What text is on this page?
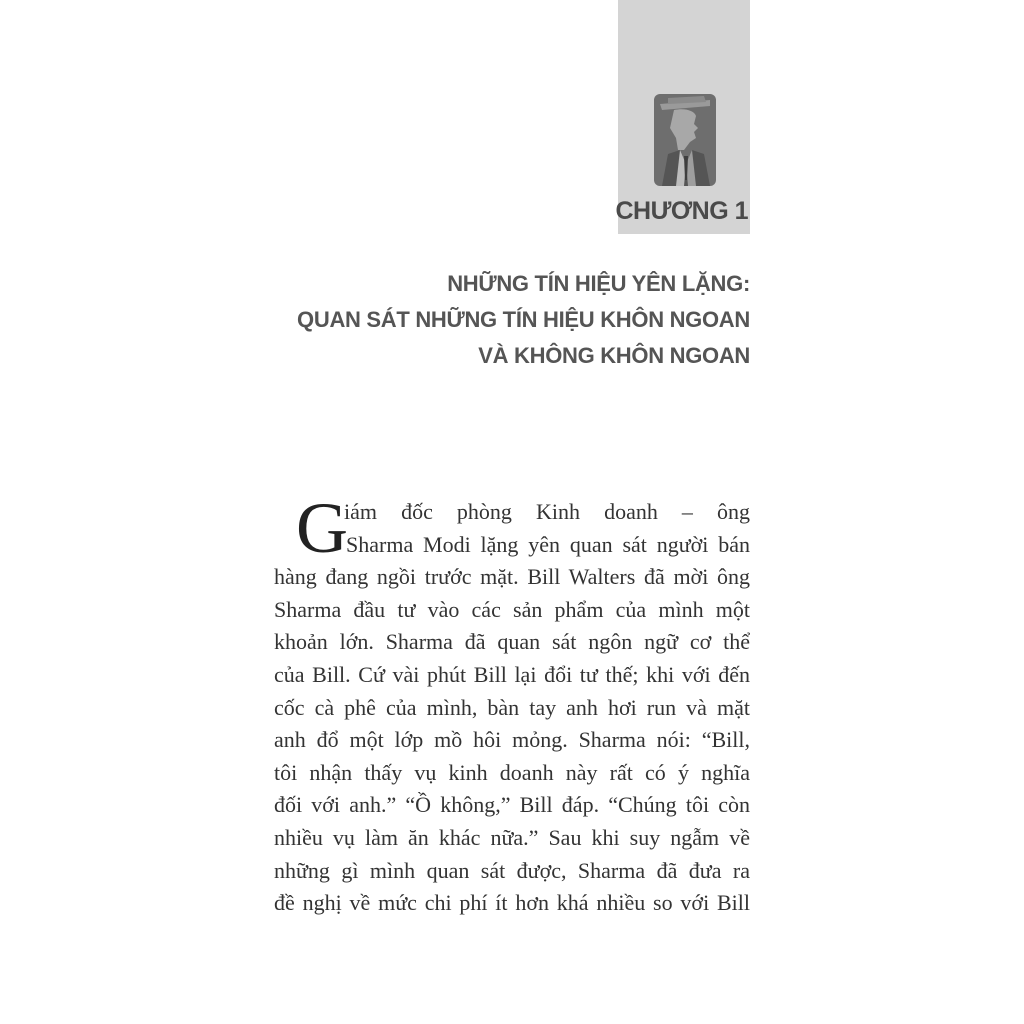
CHƯƠNG 1
NHỮNG TÍN HIỆU YÊN LẶNG:
QUAN SÁT NHỮNG TÍN HIỆU KHÔN NGOAN
VÀ KHÔNG KHÔN NGOAN
G
iám đốc phòng Kinh doanh – ông
Sharma Modi lặng yên quan sát người bán
hàng đang ngồi trước mặt. Bill Walters đã mời ông
Sharma đầu tư vào các sản phẩm của mình một
khoản lớn. Sharma đã quan sát ngôn ngữ cơ thể
của Bill. Cứ vài phút Bill lại đổi tư thế; khi với đến
cốc cà phê của mình, bàn tay anh hơi run và mặt
anh đổ một lớp mồ hôi mỏng. Sharma nói: “Bill,
tôi nhận thấy vụ kinh doanh này rất có ý nghĩa
đối với anh.” “Ồ không,” Bill đáp. “Chúng tôi còn
nhiều vụ làm ăn khác nữa.” Sau khi suy ngẫm về
những gì mình quan sát được, Sharma đã đưa ra
đề nghị về mức chi phí ít hơn khá nhiều so với Bill
